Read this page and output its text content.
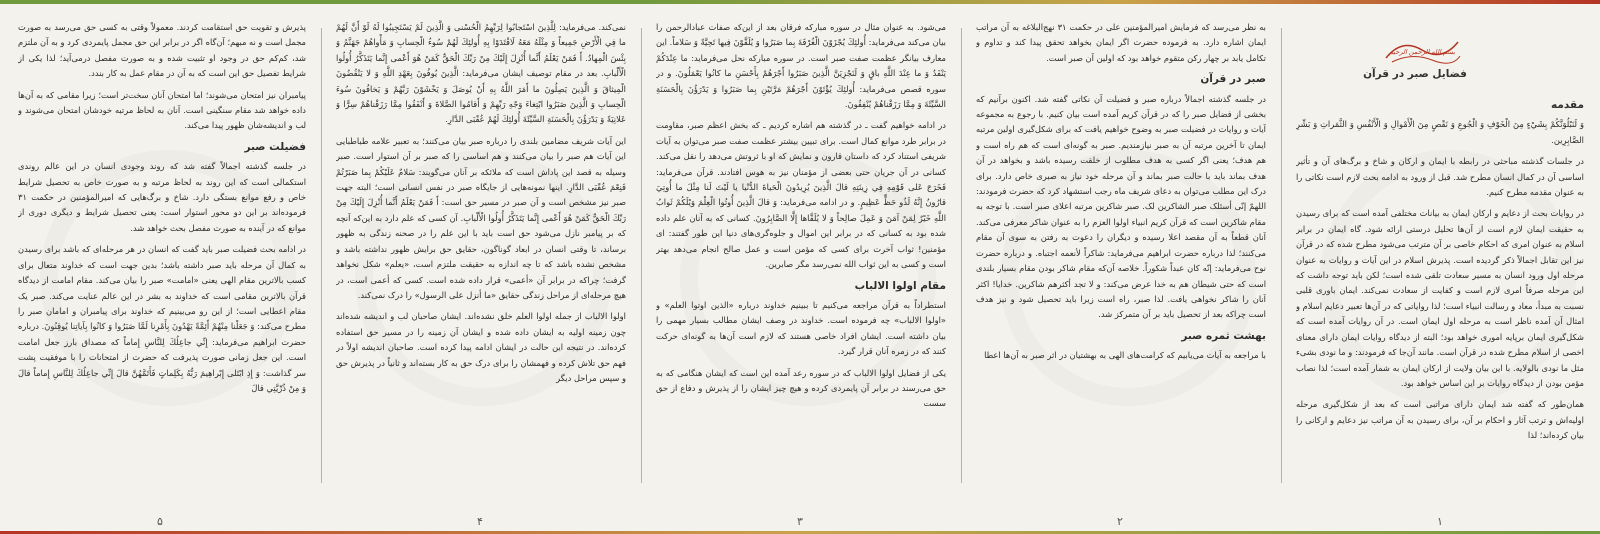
پذیرش و تقویت حق استقامت کردند. معمولاً وقتی به کسی حق می‌رسد به صورت مجمل است و نه مبهم؛ آن‌گاه اگر در برابر این حق مجمل پایمردی کرد و به آن ملتزم شد، کم‌کم حق در وجود او تثبیت شده و به صورت مفصل درمی‌آید؛ لذا یکی از شرایط تفصیل حق این است که به آن در مقام عمل به کار بندد.

پیامبران نیز امتحان می‌شوند؛ اما امتحان آنان سخت‌تر است؛ زیرا مقامی که به آن‌ها داده خواهد شد مقام سنگینی است. آنان به لحاظ مرتبه خودشان امتحان می‌شوند و لب و اندیشه‌شان ظهور پیدا می‌کند.

فضیلت صبر

در جلسه گذشته اجمالاً گفته شد که روند وجودی انسان در این عالم روندی استکمالی است که این روند به لحاظ مرتبه و به صورت خاص به تحصیل شرایط خاص و رفع موانع بستگی دارد. شاخ و برگ‌هایی که امیرالمؤمنین در حکمت ۳۱ فرموده‌اند بر این دو محور استوار است: یعنی تحصیل شرایط و دیگری دوری از موانع که در آینده به صورت مفصل بحث خواهد شد.

در ادامه بحث فضیلت صبر باید گفت که انسان در هر مرحله‌ای که باشد برای رسیدن به کمال آن مرحله باید صبر داشته باشد؛ بدین جهت است که خداوند متعال برای کسب بالاترین مقام الهی یعنی «امامت» صبر را بیان می‌کند. مقام امامت از دیدگاه قرآن بالاترین مقامی است که خداوند به بشر در این عالم عنایت می‌کند. صبر یک مقام اعطایی است؛ از این رو می‌بینیم که خداوند برای پیامبران و امامان صبر را مطرح می‌کند: وَ جَعَلْنا مِنْهُمْ أَئِمَّةً يَهْدُونَ بِأَمْرِنا لَمَّا صَبَرُوا وَ كانُوا بِآياتِنا يُوقِنُونَ. درباره حضرت ابراهیم می‌فرماید: إِنِّي جاعِلُكَ لِلنَّاسِ إِماماً که مصداق بارز جعل امامت است. این جعل زمانی صورت پذیرفت که حضرت از امتحانات را با موفقیت پشت سر گذاشت: وَ إِذِ ابْتَلى إِبْراهِيمَ رَبُّهُ بِكَلِماتٍ فَأَتَمَّهُنَّ قالَ إِنِّي جاعِلُكَ لِلنَّاسِ إِماماً قالَ وَ مِنْ ذُرِّيَّتِي قالَ

نمی‌کند. می‌فرماید: لِلَّذِينَ اسْتَجابُوا لِرَبِّهِمُ الْحُسْنى وَ الَّذِينَ لَمْ يَسْتَجِيبُوا لَهُ لَوْ أَنَّ لَهُمْ ما فِي الْأَرْضِ جَمِيعاً وَ مِثْلَهُ مَعَهُ لَافْتَدَوْا بِهِ أُولئِكَ لَهُمْ سُوءُ الْحِسابِ وَ مَأْواهُمْ جَهَنَّمُ وَ بِئْسَ الْمِهادُ. أَ فَمَنْ يَعْلَمُ أَنَّما أُنْزِلَ إِلَيْكَ مِنْ رَبِّكَ الْحَقُّ كَمَنْ هُوَ أَعْمى إِنَّما يَتَذَكَّرُ أُولُوا الْأَلْبابِ. بعد در مقام توصیف ایشان می‌فرماید: الَّذِينَ يُوفُونَ بِعَهْدِ اللَّهِ وَ لا يَنْقُضُونَ الْمِيثاقَ وَ الَّذِينَ يَصِلُونَ ما أَمَرَ اللَّهُ بِهِ أَنْ يُوصَلَ وَ يَخْشَوْنَ رَبَّهُمْ وَ يَخافُونَ سُوءَ الْحِسابِ وَ الَّذِينَ صَبَرُوا ابْتِغاءَ وَجْهِ رَبِّهِمْ وَ أَقامُوا الصَّلاةَ وَ أَنْفَقُوا مِمَّا رَزَقْناهُمْ سِرًّا وَ عَلانِيَةً وَ يَدْرَؤُنَ بِالْحَسَنَةِ السَّيِّئَةَ أُولئِكَ لَهُمْ عُقْبَى الدَّارِ.

این آیات شریف مضامین بلندی را درباره صبر بیان می‌کنند؛ به تعبیر علامه طباطبایی این آیات هم صبر را بیان می‌کنند و هم اساسی را که صبر بر آن استوار است. صبر وسیله به قصد این پاداش است که ملائکه بر آنان می‌گویند: سَلامٌ عَلَيْكُمْ بِما صَبَرْتُمْ فَنِعْمَ عُقْبَى الدَّارِ. اینها نمونه‌هایی از جایگاه صبر در نفس انسانی است؛ البته جهت صبر نیز مشخص است و آن صبر در مسیر حق است: أَ فَمَنْ يَعْلَمُ أَنَّما أُنْزِلَ إِلَيْكَ مِنْ رَبِّكَ الْحَقُّ كَمَنْ هُوَ أَعْمى إِنَّما يَتَذَكَّرُ أُولُوا الْأَلْبابِ. آن کسی که علم دارد به این‌که آنچه که بر پیامبر نازل می‌شود حق است باید با این علم را در صحنه زندگی به ظهور برساند، تا وقتی انسان در ابعاد گوناگون، حقایق حق برایش ظهور نداشته باشد و مشخص نشده باشد که تا چه اندازه به حقیقت ملتزم است، «یعلم» شکل نخواهد گرفت؛ چراکه در برابر آن «أعمی» قرار داده شده است. کسی که أعمی است، در هیچ مرحله‌ای از مراحل زندگی حقایق «ما أنزل علی الرسول» را درک نمی‌کند.

اولوا الالباب از جمله اولوا العلم خلق نشده‌اند. ایشان صاحبان لب و اندیشه شده‌اند چون زمینه اولیه به ایشان داده شده و ایشان آن زمینه را در مسیر حق استفاده کرده‌اند. در نتیجه این حالت در ایشان ادامه پیدا کرده است. صاحبان اندیشه اولاً در فهم حق تلاش کرده و فهمشان را برای درک حق به کار بسته‌اند و ثانیاً در پذیرش حق و سپس مراحل دیگر

می‌شود. به عنوان مثال در سوره مبارکه فرقان بعد از این‌که صفات عبادالرحمن را بیان می‌کند می‌فرماید: أُولئِكَ يُجْزَوْنَ الْغُرْفَةَ بِما صَبَرُوا وَ يُلَقَّوْنَ فِيها تَحِيَّةً وَ سَلاماً. این معارف بیانگر عظمت صفت صبر است. در سوره مبارکه نحل می‌فرماید: ما عِنْدَكُمْ يَنْفَدُ وَ ما عِنْدَ اللَّهِ باقٍ وَ لَنَجْزِيَنَّ الَّذِينَ صَبَرُوا أَجْرَهُمْ بِأَحْسَنِ ما كانُوا يَعْمَلُونَ. و در سوره قصص می‌فرماید: أُولئِكَ يُؤْتَوْنَ أَجْرَهُمْ مَرَّتَيْنِ بِما صَبَرُوا وَ يَدْرَؤُنَ بِالْحَسَنَةِ السَّيِّئَةَ وَ مِمَّا رَزَقْناهُمْ يُنْفِقُونَ.

در ادامه خواهیم گفت ـ در گذشته هم اشاره کردیم ـ که بخش اعظم صبر، مقاومت در برابر طرد موانع کمال است. برای تبیین بیشتر عظمت صفت صبر می‌توان به آیات شریفی استناد کرد که داستان قارون و نمایش که او با ثروتش می‌دهد را نقل می‌کند. کسانی در آن جریان حتی بعضی از مؤمنان نیز به هوس افتادند. قرآن می‌فرماید: فَخَرَجَ عَلى قَوْمِهِ فِي زِينَتِهِ قالَ الَّذِينَ يُرِيدُونَ الْحَياةَ الدُّنْيا يا لَيْتَ لَنا مِثْلَ ما أُوتِيَ قارُونُ إِنَّهُ لَذُو حَظٍّ عَظِيمٍ. و در ادامه می‌فرماید: وَ قالَ الَّذِينَ أُوتُوا الْعِلْمَ وَيْلَكُمْ ثَوابُ اللَّهِ خَيْرٌ لِمَنْ آمَنَ وَ عَمِلَ صالِحاً وَ لا يُلَقَّاها إِلَّا الصَّابِرُونَ. کسانی که به آنان علم داده شده بود به کسانی که در برابر این اموال و جلوه‌گری‌های دنیا این طور گفتند: ای مؤمنین! ثواب آخرت برای کسی که مؤمن است و عمل صالح انجام می‌دهد بهتر است و کسی به این ثواب الله نمی‌رسد مگر صابرین.

مقام اولوا الالباب

استطراداً به قرآن مراجعه می‌کنیم تا ببینیم خداوند درباره «الذین اوتوا العلم» و «اولوا الالباب» چه فرموده است. خداوند در وصف ایشان مطالب بسیار مهمی را بیان داشته است. ایشان افراد خاصی هستند که لازم است آن‌ها به گونه‌ای حرکت کنند که در زمره آنان قرار گیرد.

یکی از فضایل اولوا الالباب که در سوره رعد آمده این است که ایشان هنگامی که به حق می‌رسند در برابر آن پایمردی کرده و هیچ چیز ایشان را از پذیرش و دفاع از حق سست

به نظر می‌رسد که فرمایش امیرالمؤمنین علی در حکمت ۳۱ نهج‌البلاغه به آن مراتب ایمان اشاره دارد. به فرموده حضرت اگر ایمان بخواهد تحقق پیدا کند و تداوم و تکامل یابد بر چهار رکن متقوم خواهد بود که اولین آن صبر است.

صبر در قرآن

در جلسه گذشته اجمالاً درباره صبر و فضیلت آن نکاتی گفته شد. اکنون برآنیم که بخشی از فضایل صبر را که در قرآن کریم آمده است بیان کنیم. با رجوع به مجموعه آیات و روایات در فضیلت صبر به وضوح خواهیم یافت که برای شکل‌گیری اولین مرتبه ایمان تا آخرین مرتبه آن به صبر نیازمندیم. صبر به گونه‌ای است که هم راه است و هم هدف؛ یعنی اگر کسی به هدف مطلوب از خلقت رسیده باشد و بخواهد در آن هدف بماند باید با حالت صبر بماند و آن مرحله خود نیاز به صبری خاص دارد. برای درک این مطلب می‌توان به دعای شریف ماه رجب استشهاد کرد که حضرت فرمودند: اللهمّ إنّی أسئلک صبر الشاکرین لک. صبر شاکرین مرتبه اعلای صبر است. با توجه به مقام شاکرین است که قرآن کریم انبیاء اولوا العزم را به عنوان شاکر معرفی می‌کند. آنان قطعاً به آن مقصد اعلا رسیده و دیگران را دعوت به رفتن به سوی آن مقام می‌کنند؛ لذا درباره حضرت ابراهیم می‌فرماید: شاکراً لأنعمه اجتباه. و درباره حضرت نوح می‌فرماید: إنّه کان عبداً شکوراً. خلاصه آن‌که مقام شاکر بودن مقام بسیار بلندی است که حتی شیطان هم به خدا عرض می‌کند: و لا تجد أکثرهم شاکرین. خدایا! اکثر آنان را شاکر نخواهی یافت. لذا صبر، راه است زیرا باید تحصیل شود و نیز هدف است چراکه بعد از تحصیل باید بر آن متمرکز شد.

بهشت ثمره صبر

با مراجعه به آیات می‌یابیم که کرامت‌های الهی به بهشتیان در اثر صبر به آن‌ها اعطا

بسم الله الرحمن الرحیم
فضایل صبر در قرآن
مقدمه

وَ لَنَبْلُوَنَّكُمْ بِشَيْءٍ مِنَ الْخَوْفِ وَ الْجُوعِ وَ نَقْصٍ مِنَ الْأَمْوالِ وَ الْأَنْفُسِ وَ الثَّمَراتِ وَ بَشِّرِ الصَّابِرِين.

در جلسات گذشته مباحثی در رابطه با ایمان و ارکان و شاخ و برگ‌های آن و تأثیر اساسی آن در کمال انسان مطرح شد. قبل از ورود به ادامه بحث لازم است نکاتی را به عنوان مقدمه مطرح کنیم.

در روایات بحث از دعایم و ارکان ایمان به بیانات مختلفی آمده است که برای رسیدن به حقیقت ایمان لازم است از آن‌ها تحلیل درستی ارائه شود. گاه ایمان در برابر اسلام به عنوان امری که احکام خاصی بر آن مترتب می‌شود مطرح شده که در قرآن نیز این تقابل اجمالاً ذکر گردیده است. پذیرش اسلام در این آیات و روایات به عنوان مرحله اول ورود انسان به مسیر سعادت تلقی شده است؛ لکن باید توجه داشت که این مرحله صرفاً امری لازم است و کفایت از سعادت نمی‌کند. ایمان باوری قلبی نسبت به مبدأ، معاد و رسالت انبیاء است؛ لذا روایاتی که در آن‌ها تعبیر دعایم اسلام و امثال آن آمده ناظر است به مرحله اول ایمان است. در آن روایات آمده است که شکل‌گیری ایمان برپایه اموری خواهد بود؛ البته از دیدگاه روایات ایمان دارای معنای اخصی از اسلام مطرح شده در قرآن است. مانند آن‌جا که فرمودند: و ما نودی بشیء مثل ما نودی بالولایه. با این بیان ولایت از ارکان ایمان به شمار آمده است؛ لذا نصاب مؤمن بودن از دیدگاه روایات بر این اساس خواهد بود.

همان‌طور که گفته شد ایمان دارای مراتبی است که بعد از شکل‌گیری مرحله اولیه‌اش و ترتب آثار و احکام بر آن، برای رسیدن به آن مراتب نیز دعایم و ارکانی را بیان کرده‌اند؛ لذا

۵	۴	۳	۲	۱
